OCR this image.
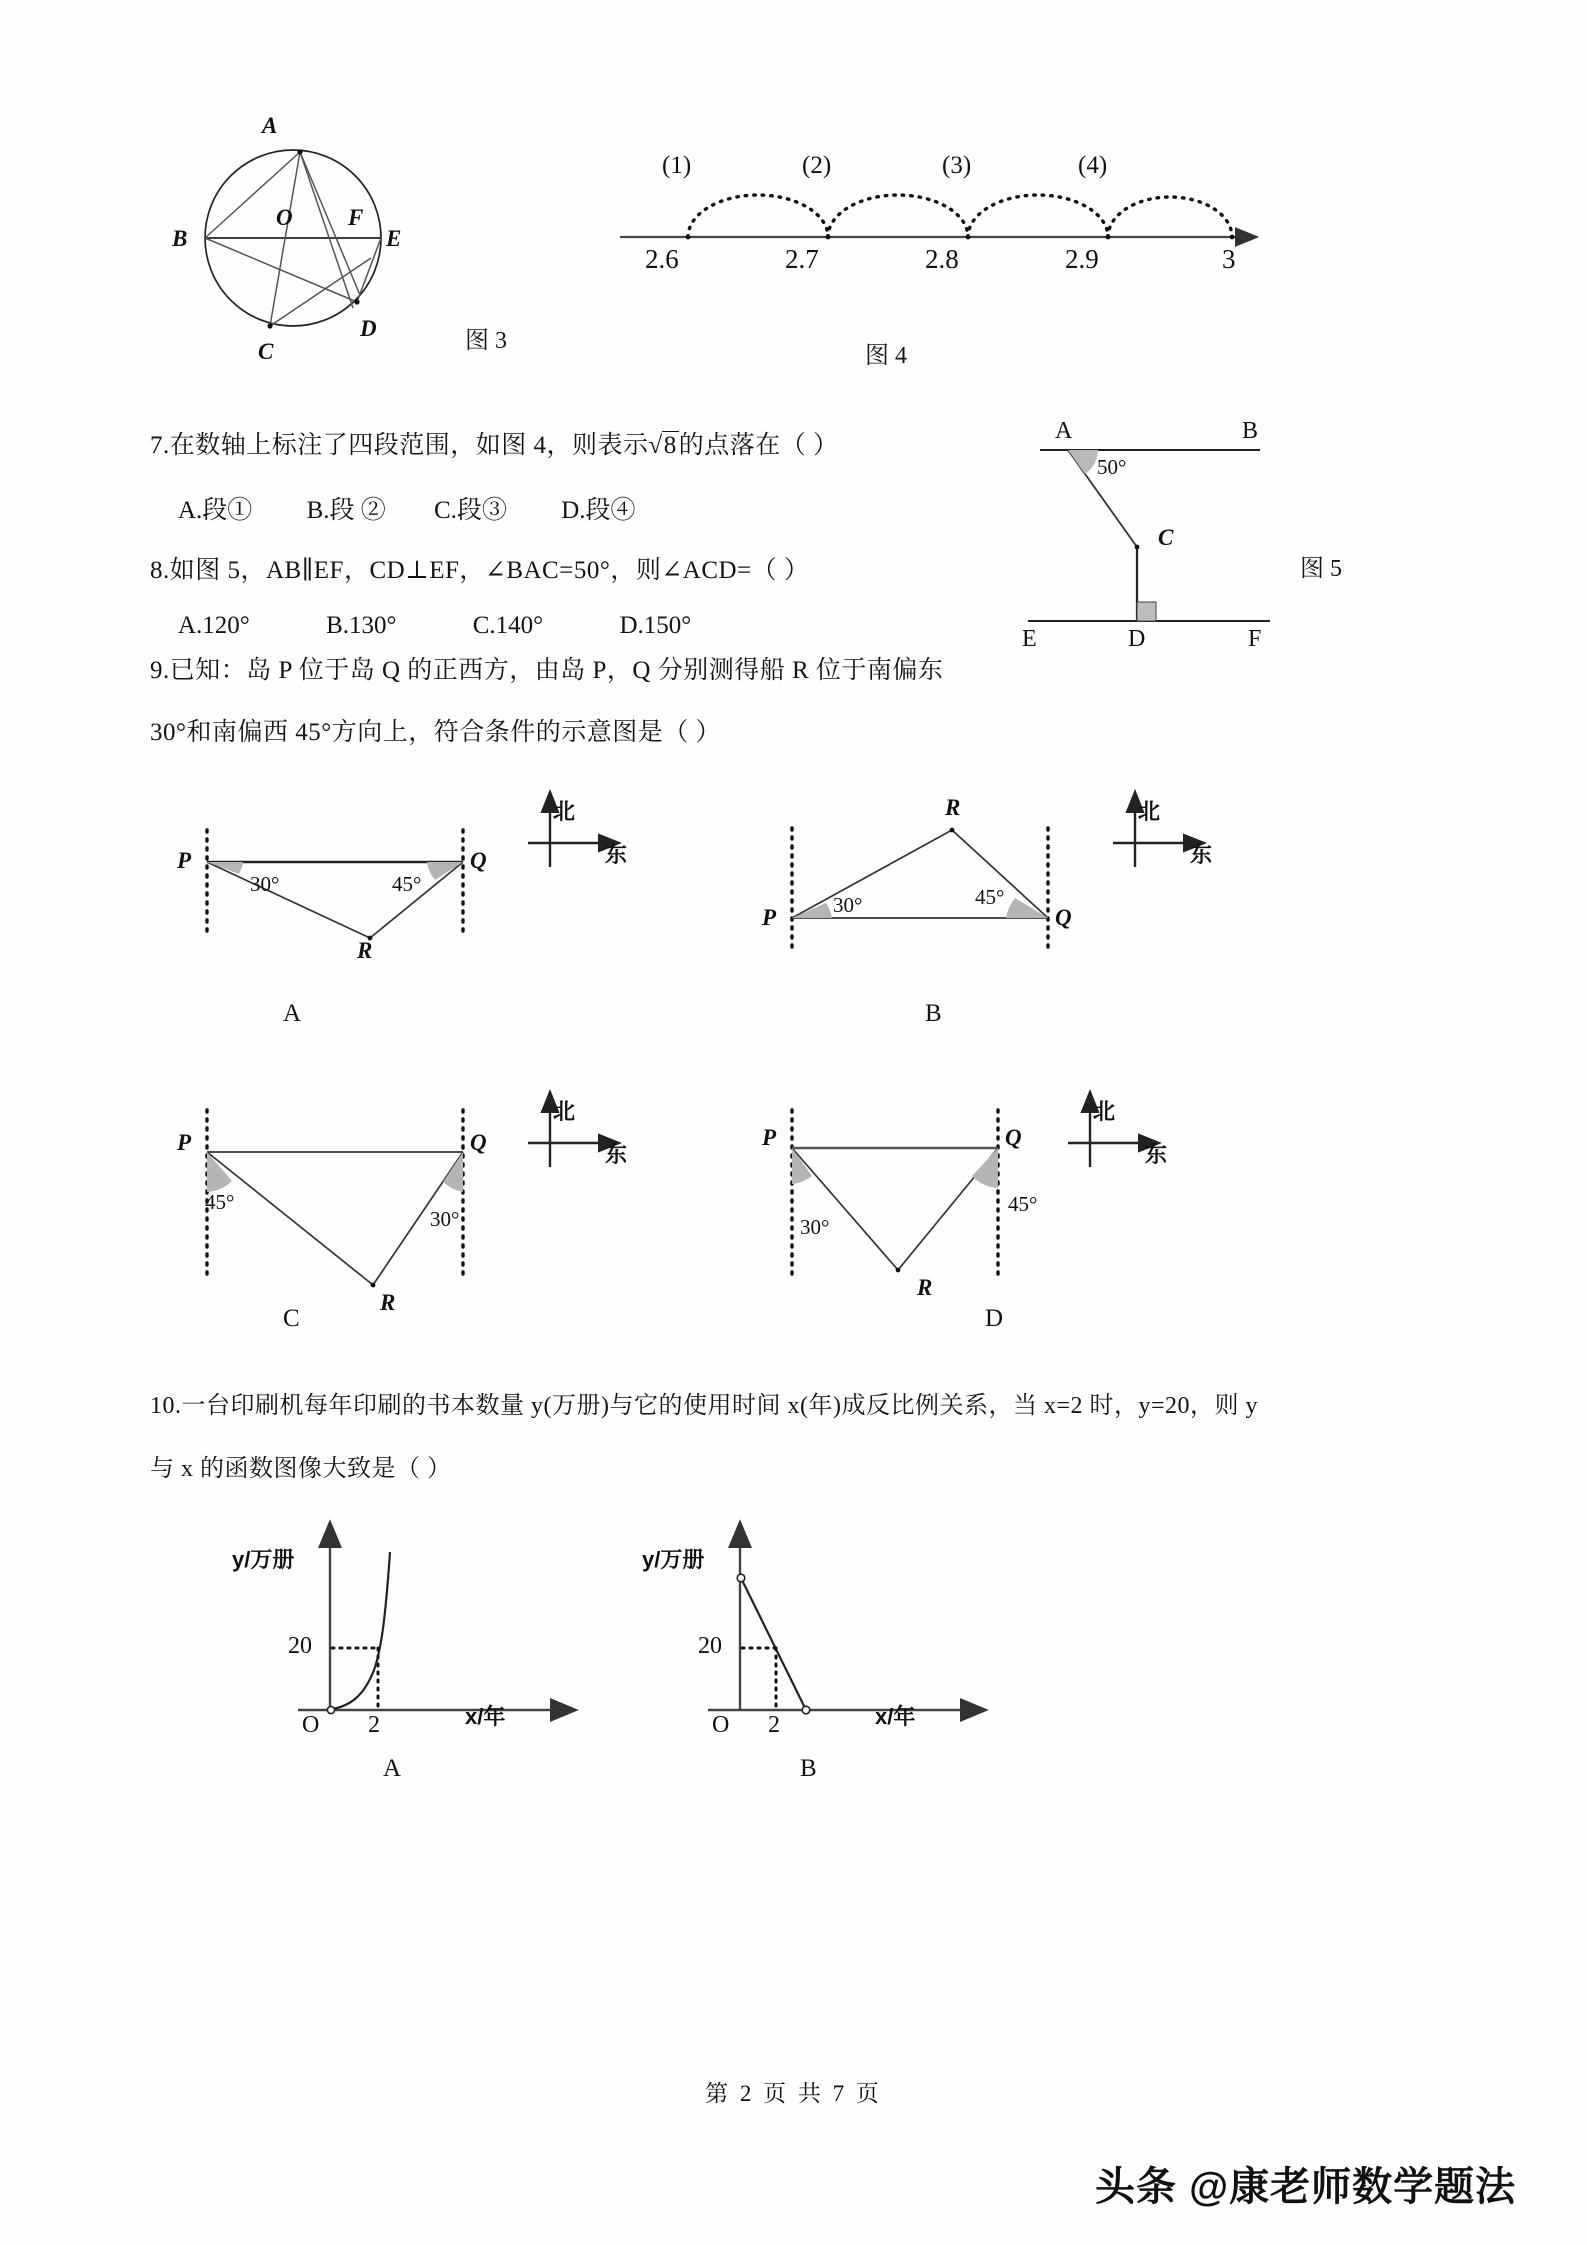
A
B
C
D
E
F
O
图 3
(1)	(2)	(3)	(4)
2.6	2.7	2.8	2.9	3
图 4
7.在数轴上标注了四段范围，如图 4，则表示√8的点落在（ ）
A.段① B.段 ② C.段③ D.段④
8.如图 5，AB∥EF，CD⊥EF，∠BAC=50°，则∠ACD=（ ）
A.120°	B.130°	C.140°	D.150°
A	B
50°
C
D
E	F
图 5
9.已知：岛 P 位于岛 Q 的正西方，由岛 P，Q 分别测得船 R 位于南偏东
30°和南偏西 45°方向上，符合条件的示意图是（ ）
P	Q
R
30°	45°
北
东
A
P	Q
R
30°	45°
北
东
B
P	Q
R
45°
30°
北
东
C
P	Q
R
30°
45°
北
东
D
10.一台印刷机每年印刷的书本数量 y(万册)与它的使用时间 x(年)成反比例关系，当 x=2 时，y=20，则 y
与 x 的函数图像大致是（ ）
y/万册
x/年
O 2
20
A
y/万册
x/年
O 2
20
B
第 2 页 共 7 页
头条 @康老师数学题法
